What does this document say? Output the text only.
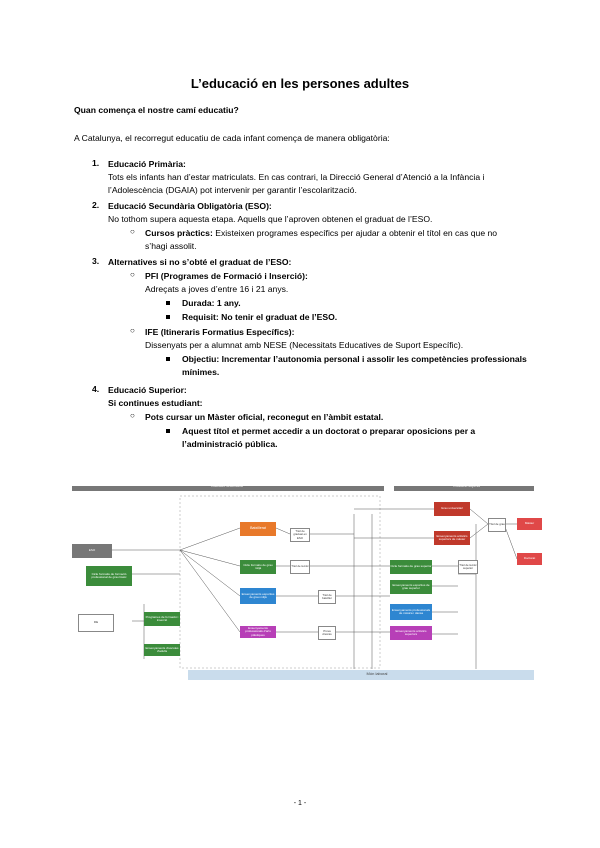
L’educació en les persones adultes
Quan comença el nostre camí educatiu?
A Catalunya, el recorregut educatiu de cada infant comença de manera obligatòria:
1. Educació Primària:
Tots els infants han d’estar matriculats. En cas contrari, la Direcció General d’Atenció a la Infància i
l’Adolescència (DGAIA) pot intervenir per garantir l’escolarització.
2. Educació Secundària Obligatòria (ESO):
No tothom supera aquesta etapa. Aquells que l’aproven obtenen el graduat de l’ESO.
○ Cursos pràctics: Existeixen programes específics per ajudar a obtenir el títol en cas que no
s’hagi assolit.
3. Alternatives si no s’obté el graduat de l’ESO:
○ PFI (Programes de Formació i Inserció):
Adreçats a joves d’entre 16 i 21 anys.
Durada: 1 any.
Requisit: No tenir el graduat de l’ESO.
○ IFE (Itineraris Formatius Específics):
Dissenyats per a alumnat amb NESE (Necessitats Educatives de Suport Específic).
Objectiu: Incrementar l’autonomia personal i assolir les competències professionals
mínimes.
4. Educació Superior:
Si continues estudiant:
○ Pots cursar un Màster oficial, reconegut en l’àmbit estatal.
Aquest títol et permet accedir a un doctorat o preparar oposicions per a
l’administració pública.
Educació secundària	Educació superior
Món laboral
ESO
Cicle formatiu de formació professional de grau bàsic
IFE
Programes de formació i inserció
Ensenyaments d'escoles d'adults
Batxillerat
Cicle formatiu de grau mitjà
Ensenyaments esportius de grau mitjà
Ensenyaments professionals d'arts plàstiques
Títol de graduat en ESO
Títol de tècnic
Títol de batxiller
Prova d'accés
Cicle formatiu de grau superior
Ensenyaments esportius de grau superior
Ensenyaments professionals de música i dansa
Ensenyaments artístics superiors
Títol de tècnic superior
Grau universitari
Ensenyaments artístics superiors de màster
Títol de grau	Màster
Doctorat
- 1 -
